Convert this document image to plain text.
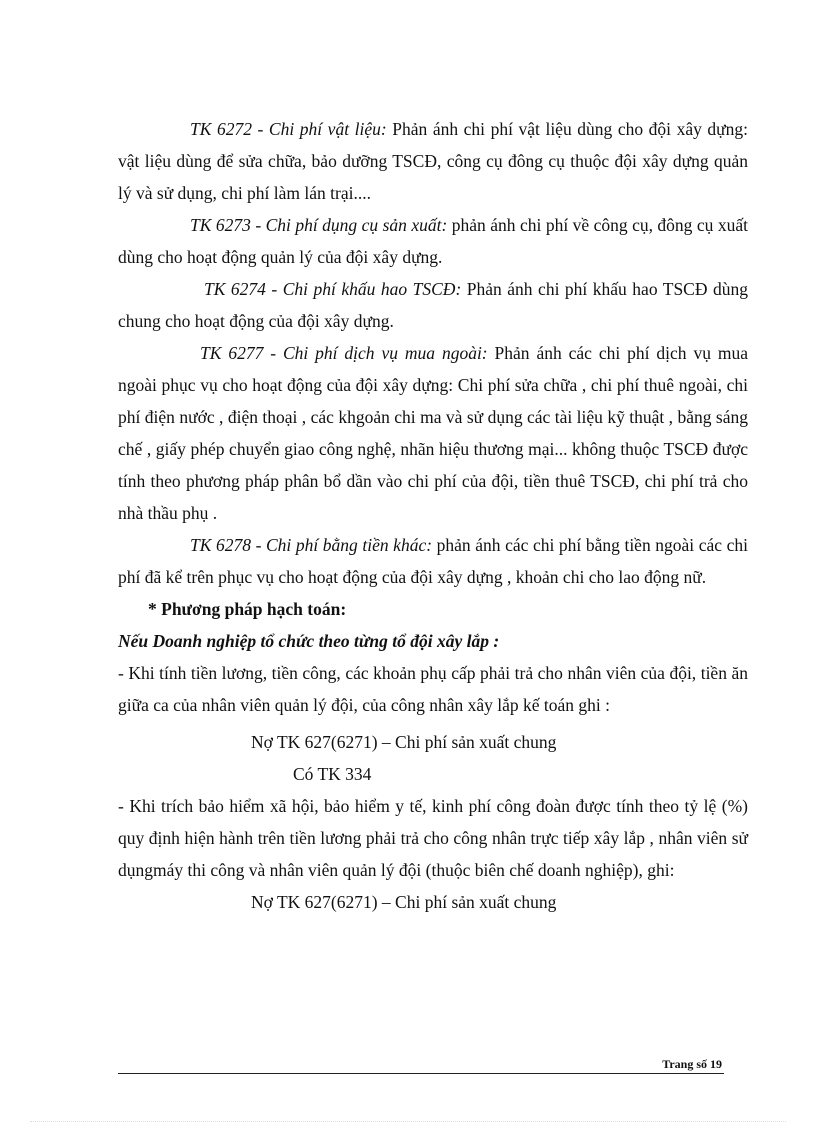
TK 6272 - Chi phí vật liệu: Phản ánh chi phí vật liệu dùng cho đội xây dựng: vật liệu dùng để sửa chữa, bảo dưỡng TSCĐ, công cụ đông cụ thuộc đội xây dựng quản lý và sử dụng, chi phí làm lán trại....

TK 6273 - Chi phí dụng cụ sản xuất: phản ánh chi phí về công cụ, đông cụ xuất dùng cho hoạt động quản lý của đội xây dựng.

TK 6274 - Chi phí khấu hao TSCĐ: Phản ánh chi phí khấu hao TSCĐ dùng chung cho hoạt động của đội xây dựng.

TK 6277 - Chi phí dịch vụ mua ngoài: Phản ánh các chi phí dịch vụ mua ngoài phục vụ cho hoạt động của đội xây dựng: Chi phí sửa chữa , chi phí thuê ngoài, chi phí điện nước , điện thoại , các khgoản chi ma và sử dụng các tài liệu kỹ thuật , bằng sáng chế , giấy phép chuyển giao công nghệ, nhãn hiệu thương mại... không thuộc TSCĐ được tính theo phương pháp phân bổ dần vào chi phí của đội, tiền thuê TSCĐ, chi phí trả cho nhà thầu phụ .

TK 6278 - Chi phí bằng tiền khác: phản ánh các chi phí bằng tiền ngoài các chi phí đã kể trên phục vụ cho hoạt động của đội xây dựng , khoản chi cho lao động nữ.

* Phương pháp hạch toán:

Nếu Doanh nghiệp tổ chức theo từng tổ đội xây lắp :

- Khi tính tiền lương, tiền công, các khoản phụ cấp phải trả cho nhân viên của đội, tiền ăn giữa ca của nhân viên quản lý đội, của công nhân xây lắp kế toán ghi :

Nợ TK 627(6271) – Chi phí sản xuất chung

Có TK 334

- Khi trích bảo hiểm xã hội, bảo hiểm y tế, kinh phí công đoàn được tính theo tỷ lệ (%) quy định hiện hành trên tiền lương phải trả cho công nhân trực tiếp xây lắp , nhân viên sử dụngmáy thi công và nhân viên quản lý đội (thuộc biên chế doanh nghiệp), ghi:

Nợ TK 627(6271) – Chi phí sản xuất chung

Trang số 19
